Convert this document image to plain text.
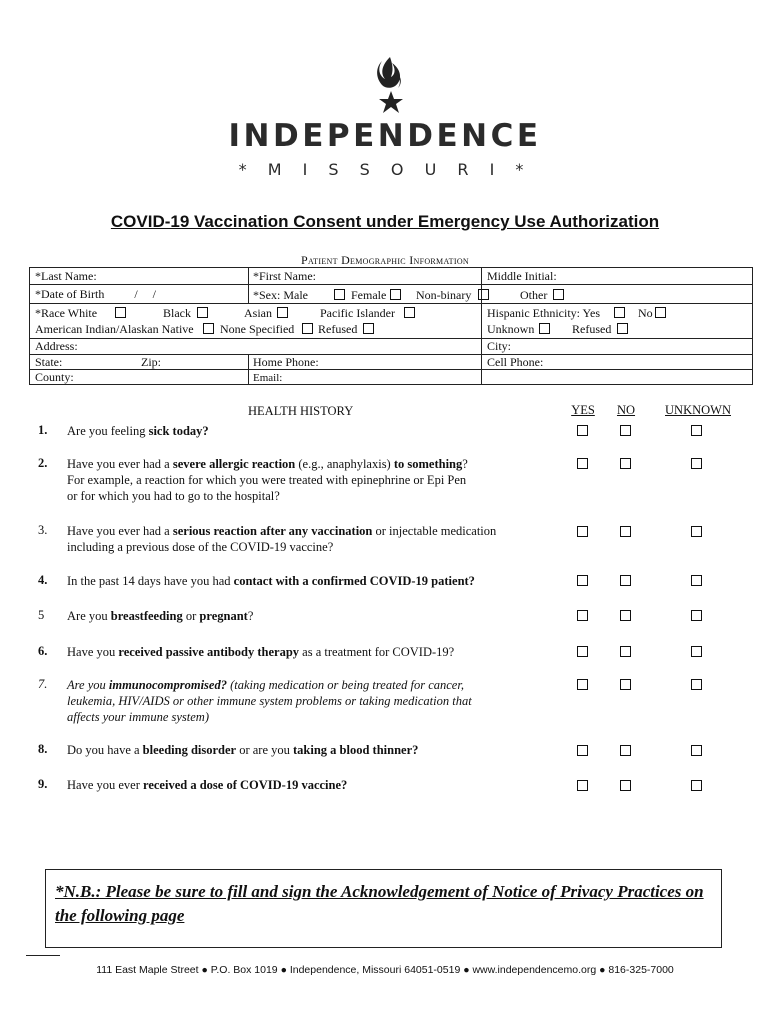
INDEPENDENCE
* M I S S O U R I *
COVID-19 Vaccination Consent under Emergency Use Authorization
Patient Demographic Information
*Last Name:	*First Name:	Middle Initial:
*Date of Birth          /     /	*Sex: Male	Female Non-binary	Other
*Race White	Black	Asian	Pacific Islander	Hispanic Ethnicity: Yes	No
American Indian/Alaskan Native None Specified Refused	Unknown	Refused
Address:	City:
State:	Zip:	Home Phone:	Cell Phone:
County:	Email:
HEALTH HISTORY	YES	NO	UNKNOWN
1. Are you feeling sick today?
2. Have you ever had a severe allergic reaction (e.g., anaphylaxis) to something?
For example, a reaction for which you were treated with epinephrine or Epi Pen
or for which you had to go to the hospital?
3. Have you ever had a serious reaction after any vaccination or injectable medication
including a previous dose of the COVID-19 vaccine?
4. In the past 14 days have you had contact with a confirmed COVID-19 patient?
5 Are you breastfeeding or pregnant?
6. Have you received passive antibody therapy as a treatment for COVID-19?
7. Are you immunocompromised? (taking medication or being treated for cancer,
leukemia, HIV/AIDS or other immune system problems or taking medication that
affects your immune system)
8. Do you have a bleeding disorder or are you taking a blood thinner?
9. Have you ever received a dose of COVID-19 vaccine?
*N.B.: Please be sure to fill and sign the Acknowledgement of Notice of Privacy Practices on the following page
111 East Maple Street ● P.O. Box 1019 ● Independence, Missouri 64051-0519 ● www.independencemo.org ● 816-325-7000
